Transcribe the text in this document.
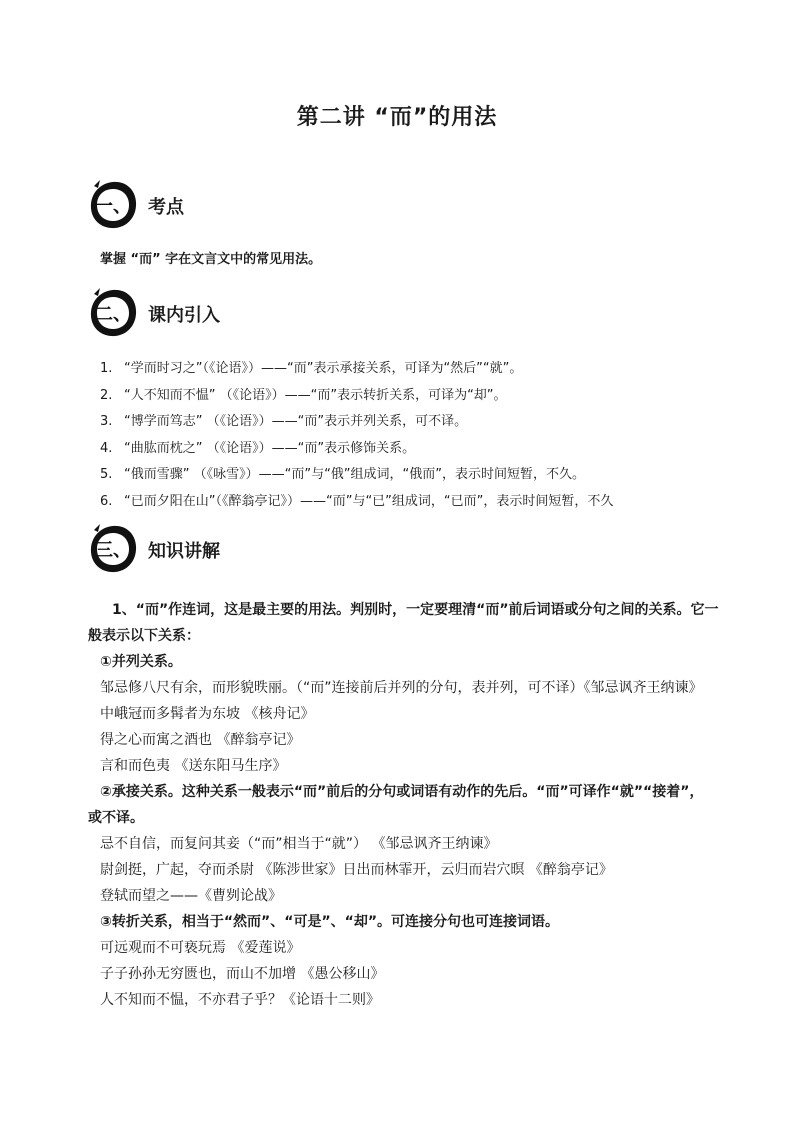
第二讲 “而”的用法
一、 考点
掌握 “而” 字在文言文中的常见用法。
二、 课内引入
1. “学而时习之”（《论语》）——“而”表示承接关系，可译为“然后”“就”。
2. “人不知而不愠” （《论语》）——“而”表示转折关系，可译为“却”。
3. “博学而笃志” （《论语》）——“而”表示并列关系，可不译。
4. “曲肱而枕之” （《论语》）——“而”表示修饰关系。
5. “俄而雪骤” （《咏雪》）——“而”与“俄”组成词，“俄而”，表示时间短暂，不久。
6. “已而夕阳在山”（《醉翁亭记》）——“而”与“已”组成词，“已而”，表示时间短暂，不久
三、 知识讲解
1、“而”作连词，这是最主要的用法。判别时，一定要理清“而”前后词语或分句之间的关系。它一
般表示以下关系：
①并列关系。
邹忌修八尺有余，而形貌昳丽。（“而”连接前后并列的分句，表并列，可不译）《邹忌讽齐王纳谏》
中峨冠而多髯者为东坡 《核舟记》
得之心而寓之酒也 《醉翁亭记》
言和而色夷 《送东阳马生序》
②承接关系。这种关系一般表示“而”前后的分句或词语有动作的先后。“而”可译作“就”“接着”，
或不译。
忌不自信，而复问其妾（“而”相当于“就”） 《邹忌讽齐王纳谏》
尉剑挺，广起，夺而杀尉 《陈涉世家》日出而林霏开，云归而岩穴暝 《醉翁亭记》
登轼而望之——《曹刿论战》
③转折关系，相当于“然而”、“可是”、“却”。可连接分句也可连接词语。
可远观而不可亵玩焉 《爱莲说》
子子孙孙无穷匮也，而山不加增 《愚公移山》
人不知而不愠，不亦君子乎？《论语十二则》
